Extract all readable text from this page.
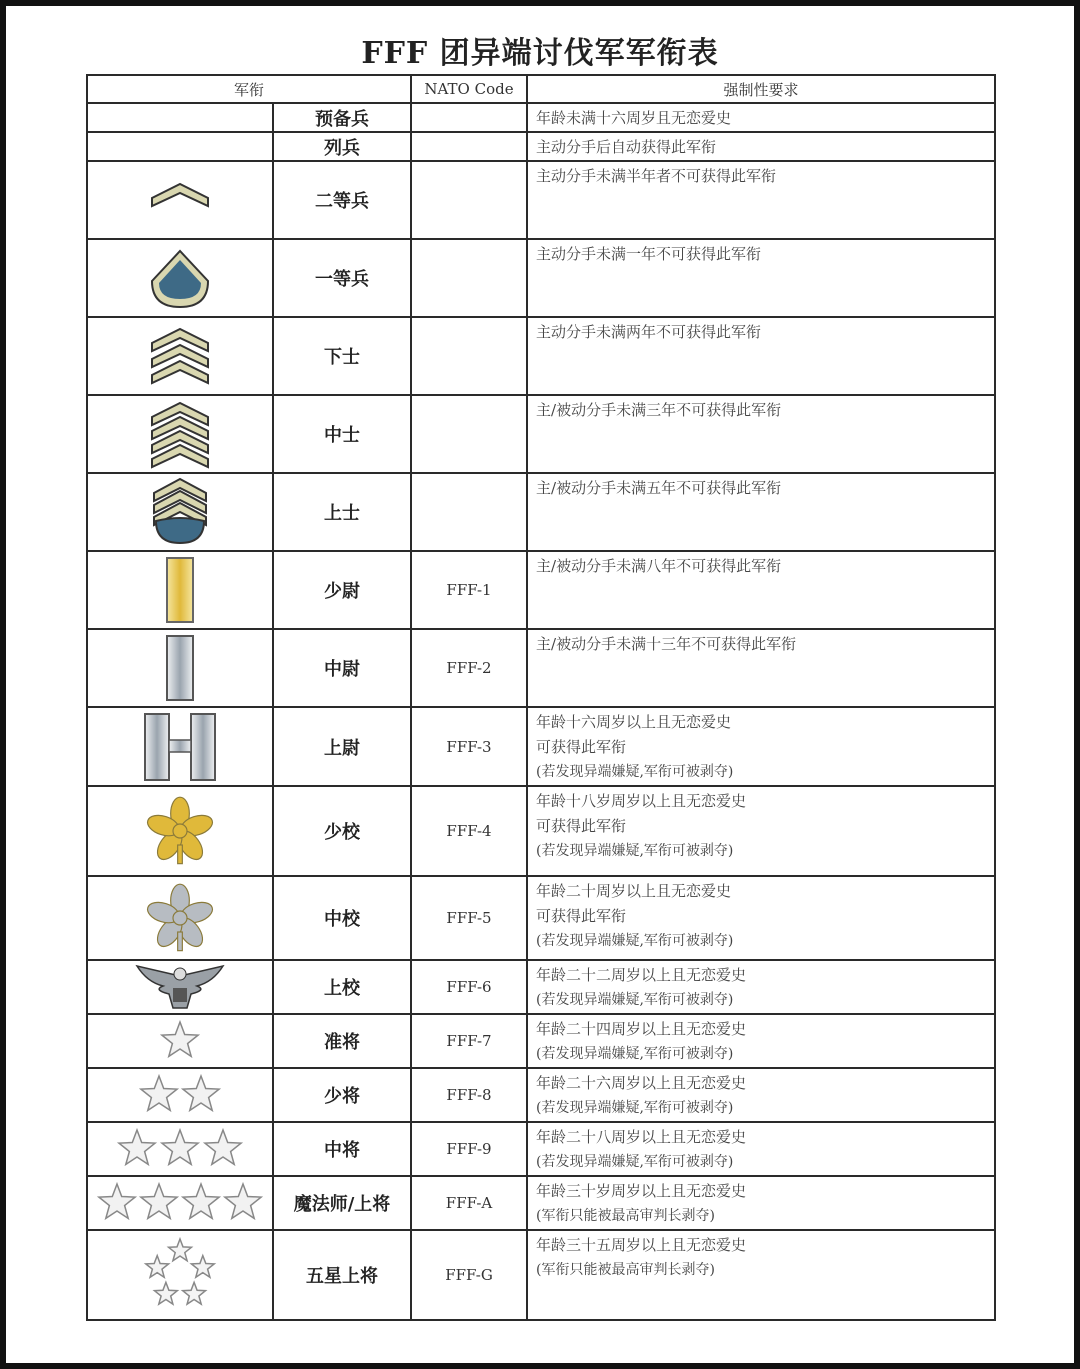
FFF 团异端讨伐军军衔表
军衔		NATO Code	强制性要求
	预备兵		年龄未满十六周岁且无恋爱史

	列兵		主动分手后自动获得此军衔

	二等兵		主动分手未满半年者不可获得此军衔

	一等兵		主动分手未满一年不可获得此军衔

	下士		主动分手未满两年不可获得此军衔

	中士		主/被动分手未满三年不可获得此军衔

	上士		主/被动分手未满五年不可获得此军衔

	少尉	FFF-1	主/被动分手未满八年不可获得此军衔

	中尉	FFF-2	主/被动分手未满十三年不可获得此军衔

	上尉	FFF-3	年龄十六周岁以上且无恋爱史
可获得此军衔
(若发现异端嫌疑,军衔可被剥夺)

	少校	FFF-4	年龄十八岁周岁以上且无恋爱史
可获得此军衔
(若发现异端嫌疑,军衔可被剥夺)

	中校	FFF-5	年龄二十周岁以上且无恋爱史
可获得此军衔
(若发现异端嫌疑,军衔可被剥夺)

	上校	FFF-6	年龄二十二周岁以上且无恋爱史
(若发现异端嫌疑,军衔可被剥夺)

	准将	FFF-7	年龄二十四周岁以上且无恋爱史
(若发现异端嫌疑,军衔可被剥夺)

	少将	FFF-8	年龄二十六周岁以上且无恋爱史
(若发现异端嫌疑,军衔可被剥夺)

	中将	FFF-9	年龄二十八周岁以上且无恋爱史
(若发现异端嫌疑,军衔可被剥夺)

	魔法师/上将	FFF-A	年龄三十岁周岁以上且无恋爱史
(军衔只能被最高审判长剥夺)

	五星上将	FFF-G	年龄三十五周岁以上且无恋爱史
(军衔只能被最高审判长剥夺)
